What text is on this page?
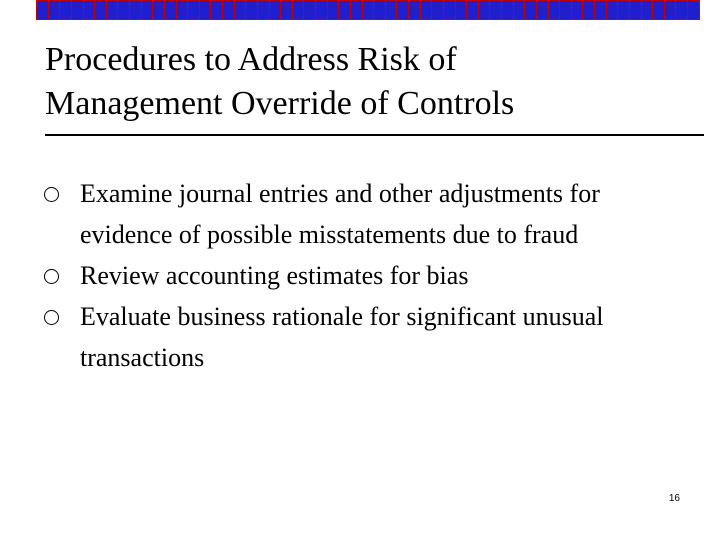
Procedures to Address Risk of
Management Override of Controls
Examine journal entries and other adjustments for evidence of possible misstatements due to fraud
Review accounting estimates for bias
Evaluate business rationale for significant unusual transactions
16
